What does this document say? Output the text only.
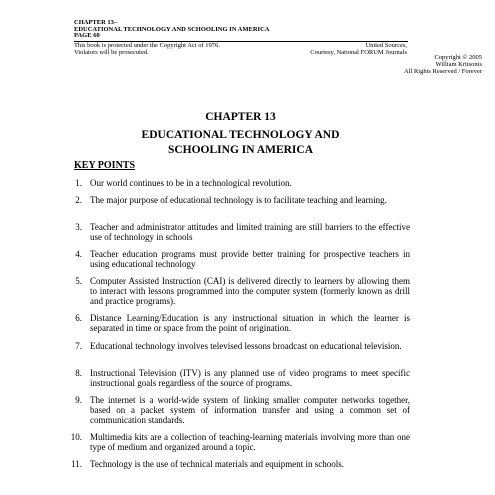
CHAPTER 13–
EDUCATIONAL TECHNOLOGY AND SCHOOLING IN AMERICA
PAGE 60
This book is protected under the Copyright Act of 1976.
Violators will be prosecuted.
United Sources,
Courtesy, National FORUM Journals
Copyright © 2005
William Kritsonis
All Rights Reserved / Forever
CHAPTER 13
EDUCATIONAL TECHNOLOGY AND
SCHOOLING IN AMERICA
KEY POINTS
1. Our world continues to be in a technological revolution.
2. The major purpose of educational technology is to facilitate teaching and learning.
3. Teacher and administrator attitudes and limited training are still barriers to the effective use of technology in schools
4. Teacher education programs must provide better training for prospective teachers in using educational technology
5. Computer Assisted Instruction (CAI) is delivered directly to learners by allowing them to interact with lessons programmed into the computer system (formerly known as drill and practice programs).
6. Distance Learning/Education is any instructional situation in which the learner is separated in time or space from the point of origination.
7. Educational technology involves televised lessons broadcast on educational television.
8. Instructional Television (ITV) is any planned use of video programs to meet specific instructional goals regardless of the source of programs.
9. The internet is a world-wide system of linking smaller computer networks together, based on a packet system of information transfer and using a common set of communication standards.
10. Multimedia kits are a collection of teaching-learning materials involving more than one type of medium and organized around a topic.
11. Technology is the use of technical materials and equipment in schools.
